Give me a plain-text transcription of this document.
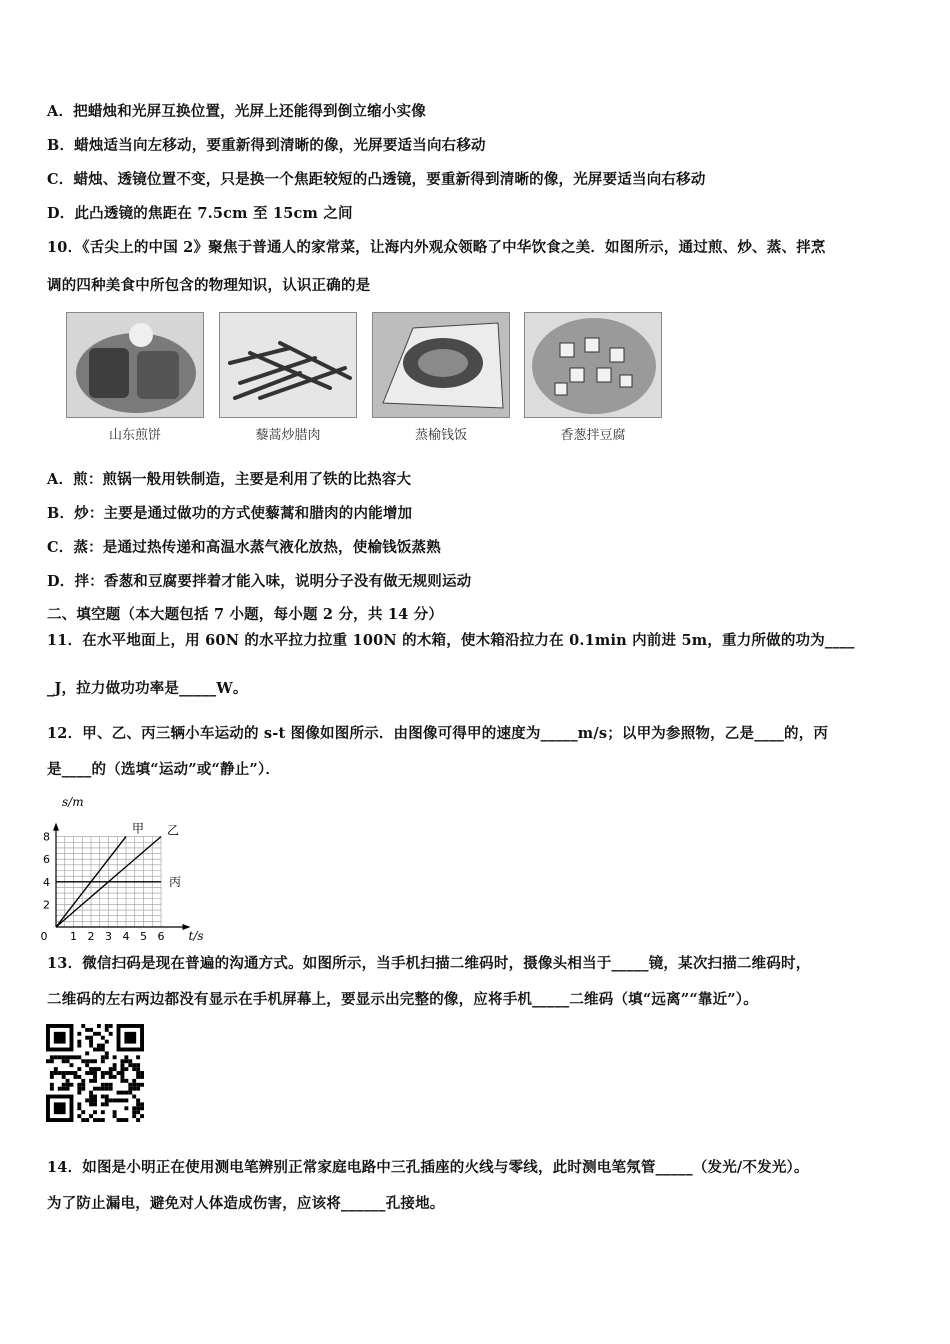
A．把蜡烛和光屏互换位置，光屏上还能得到倒立缩小实像
B．蜡烛适当向左移动，要重新得到清晰的像，光屏要适当向右移动
C．蜡烛、透镜位置不变，只是换一个焦距较短的凸透镜，要重新得到清晰的像，光屏要适当向右移动
D．此凸透镜的焦距在 7.5cm 至 15cm 之间
10．《舌尖上的中国 2》聚焦于普通人的家常菜，让海内外观众领略了中华饮食之美．如图所示，通过煎、炒、蒸、拌烹
调的四种美食中所包含的物理知识，认识正确的是
山东煎饼	藜蒿炒腊肉	蒸榆钱饭	香葱拌豆腐
A．煎：煎锅一般用铁制造，主要是利用了铁的比热容大
B．炒：主要是通过做功的方式使藜蒿和腊肉的内能增加
C．蒸：是通过热传递和高温水蒸气液化放热，使榆钱饭蒸熟
D．拌：香葱和豆腐要拌着才能入味，说明分子没有做无规则运动
二、填空题（本大题包括 7 小题，每小题 2 分，共 14 分）
11．在水平地面上，用 60N 的水平拉力拉重 100N 的木箱，使木箱沿拉力在 0.1min 内前进 5m，重力所做的功为____
_J，拉力做功功率是_____W。
12．甲、乙、丙三辆小车运动的 s-t 图像如图所示．由图像可得甲的速度为_____m/s；以甲为参照物，乙是____的，丙
是____的（选填“运动”或“静止”）．
0 1 2 3 4 5 6
2
4
6
8
t/s
s/m
甲 乙
丙
13．微信扫码是现在普遍的沟通方式。如图所示，当手机扫描二维码时，摄像头相当于_____镜，某次扫描二维码时，
二维码的左右两边都没有显示在手机屏幕上，要显示出完整的像，应将手机_____二维码（填“远离”“靠近”）。
14．如图是小明正在使用测电笔辨别正常家庭电路中三孔插座的火线与零线，此时测电笔氖管_____（发光/不发光）。
为了防止漏电，避免对人体造成伤害，应该将______孔接地。
